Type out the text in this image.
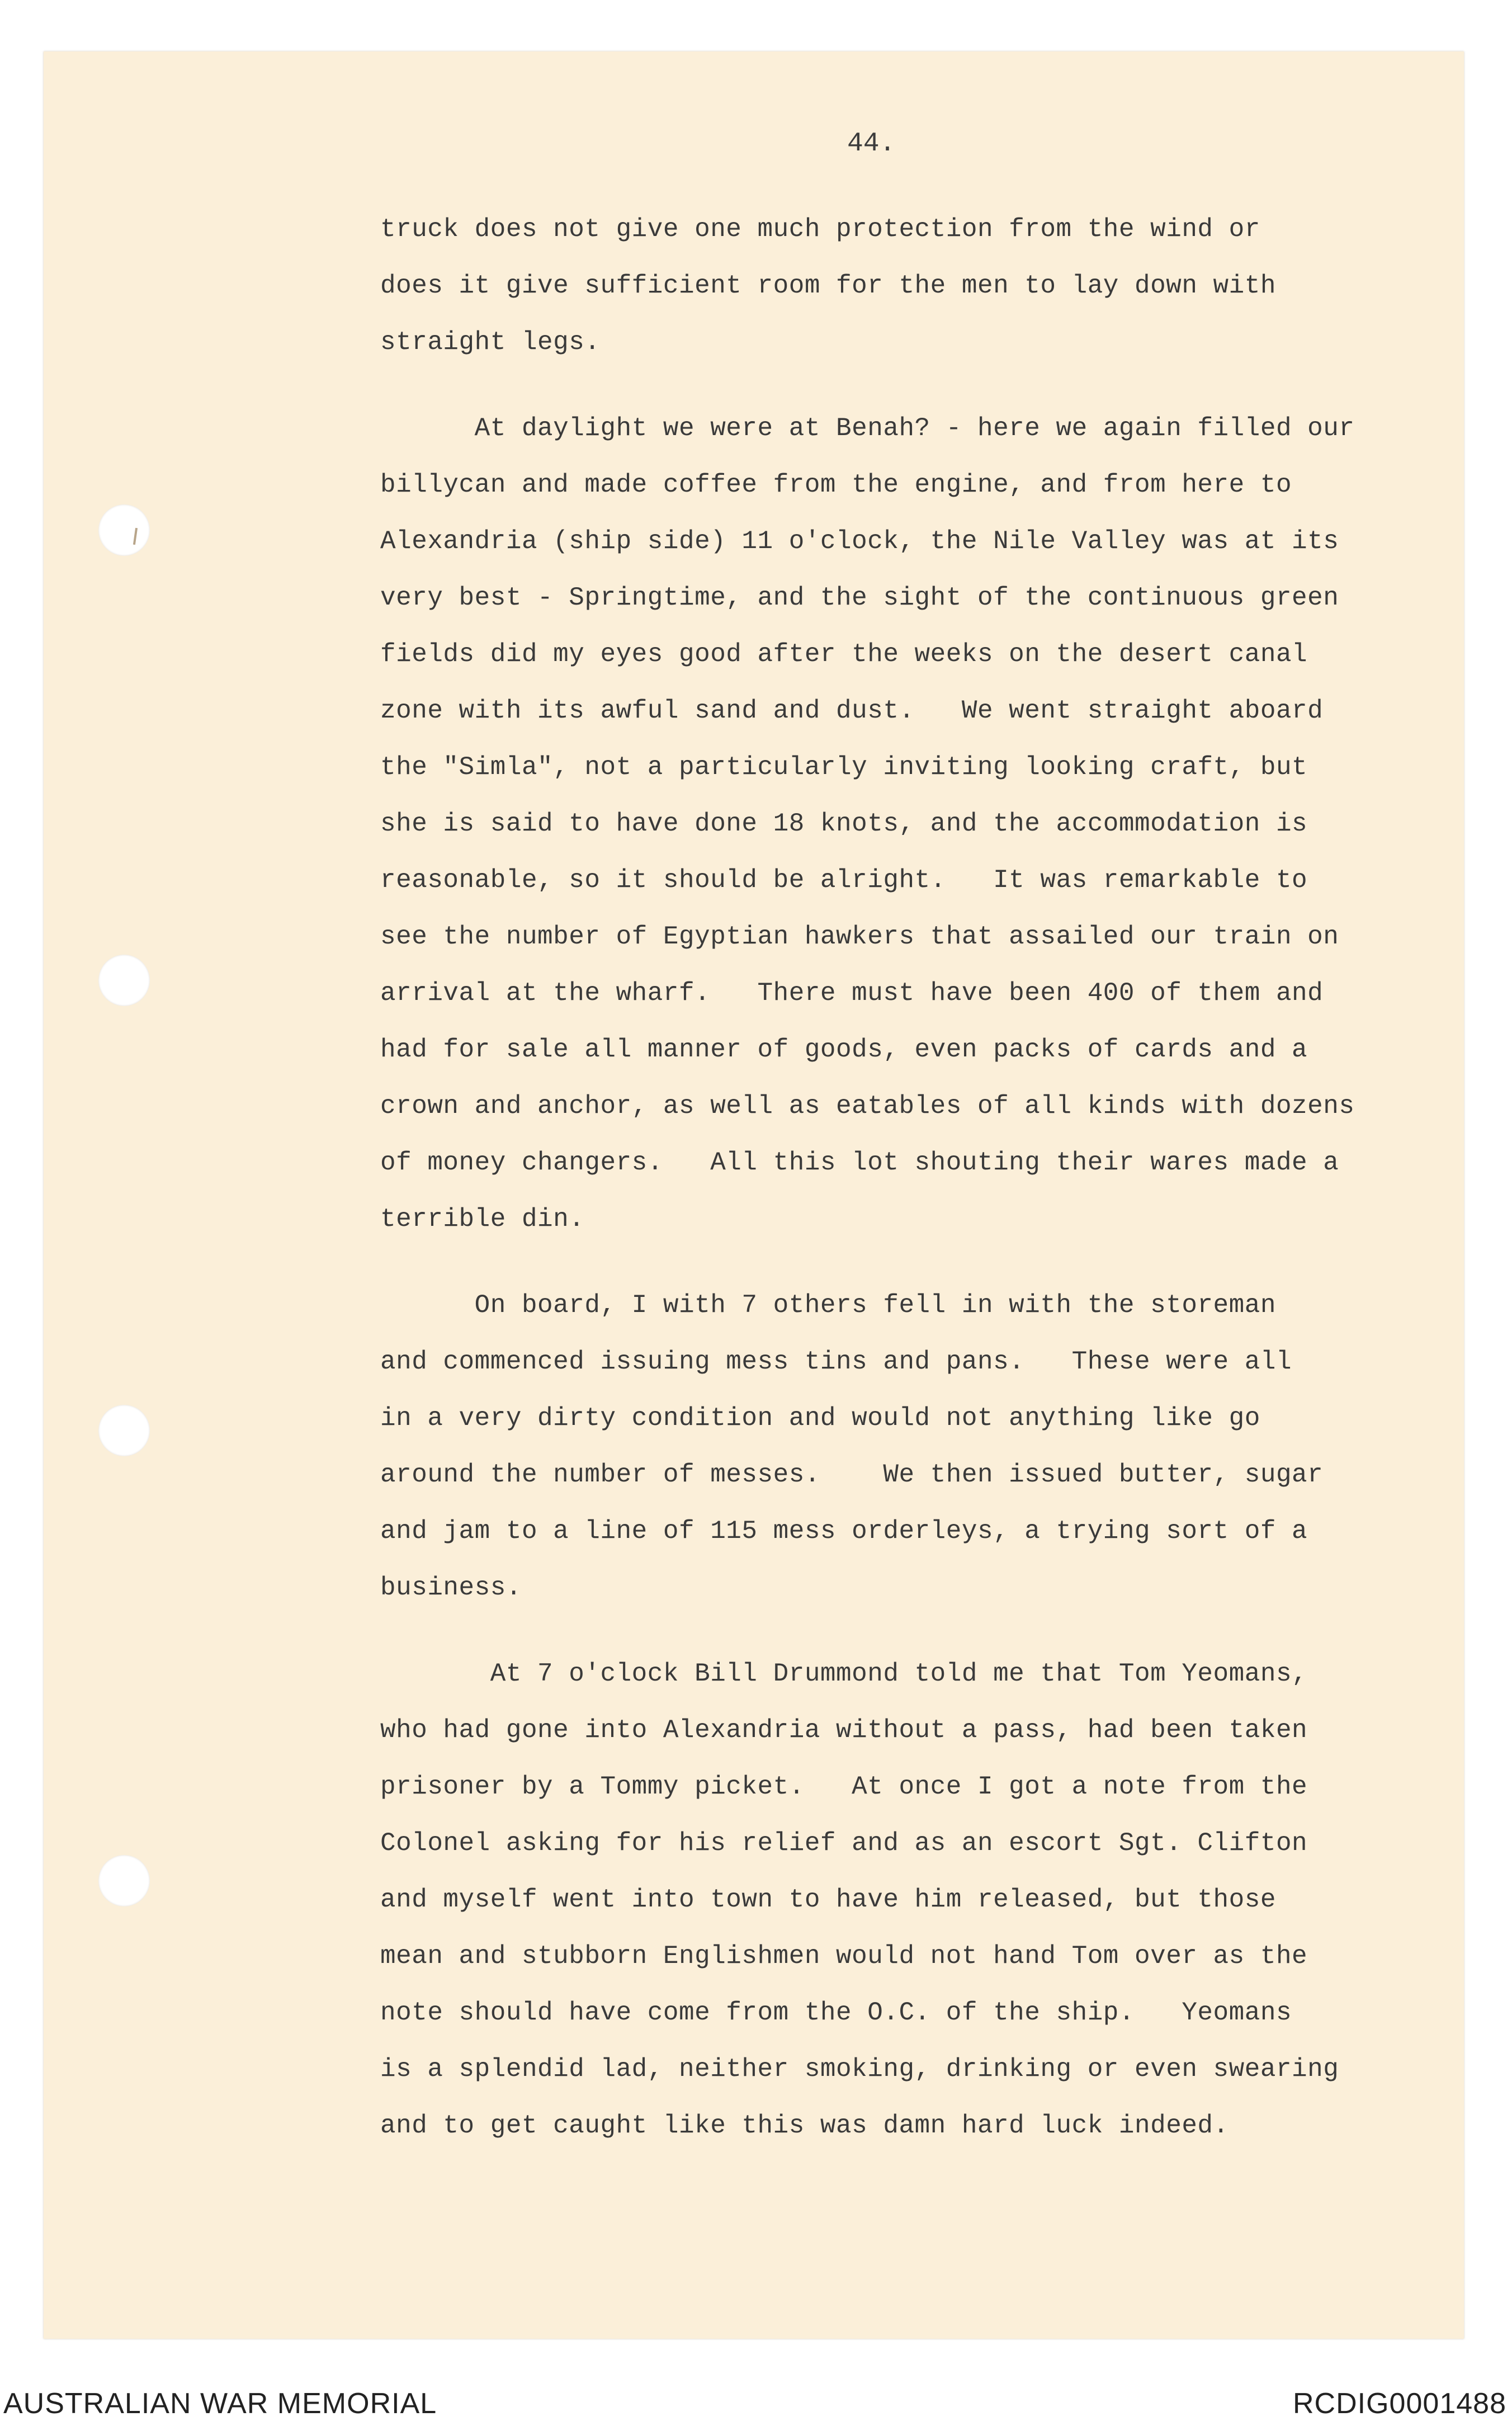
44.
truck does not give one much protection from the wind or
does it give sufficient room for the men to lay down with
straight legs.
At daylight we were at Benah? - here we again filled our
billycan and made coffee from the engine, and from here to
Alexandria (ship side) 11 o'clock, the Nile Valley was at its
very best - Springtime, and the sight of the continuous green
fields did my eyes good after the weeks on the desert canal
zone with its awful sand and dust.   We went straight aboard
the "Simla", not a particularly inviting looking craft, but
she is said to have done 18 knots, and the accommodation is
reasonable, so it should be alright.   It was remarkable to
see the number of Egyptian hawkers that assailed our train on
arrival at the wharf.   There must have been 400 of them and
had for sale all manner of goods, even packs of cards and a
crown and anchor, as well as eatables of all kinds with dozens
of money changers.   All this lot shouting their wares made a
terrible din.
On board, I with 7 others fell in with the storeman
and commenced issuing mess tins and pans.   These were all
in a very dirty condition and would not anything like go
around the number of messes.    We then issued butter, sugar
and jam to a line of 115 mess orderleys, a trying sort of a
business.
At 7 o'clock Bill Drummond told me that Tom Yeomans,
who had gone into Alexandria without a pass, had been taken
prisoner by a Tommy picket.   At once I got a note from the
Colonel asking for his relief and as an escort Sgt. Clifton
and myself went into town to have him released, but those
mean and stubborn Englishmen would not hand Tom over as the
note should have come from the O.C. of the ship.   Yeomans
is a splendid lad, neither smoking, drinking or even swearing
and to get caught like this was damn hard luck indeed.
AUSTRALIAN WAR MEMORIAL	RCDIG0001488
